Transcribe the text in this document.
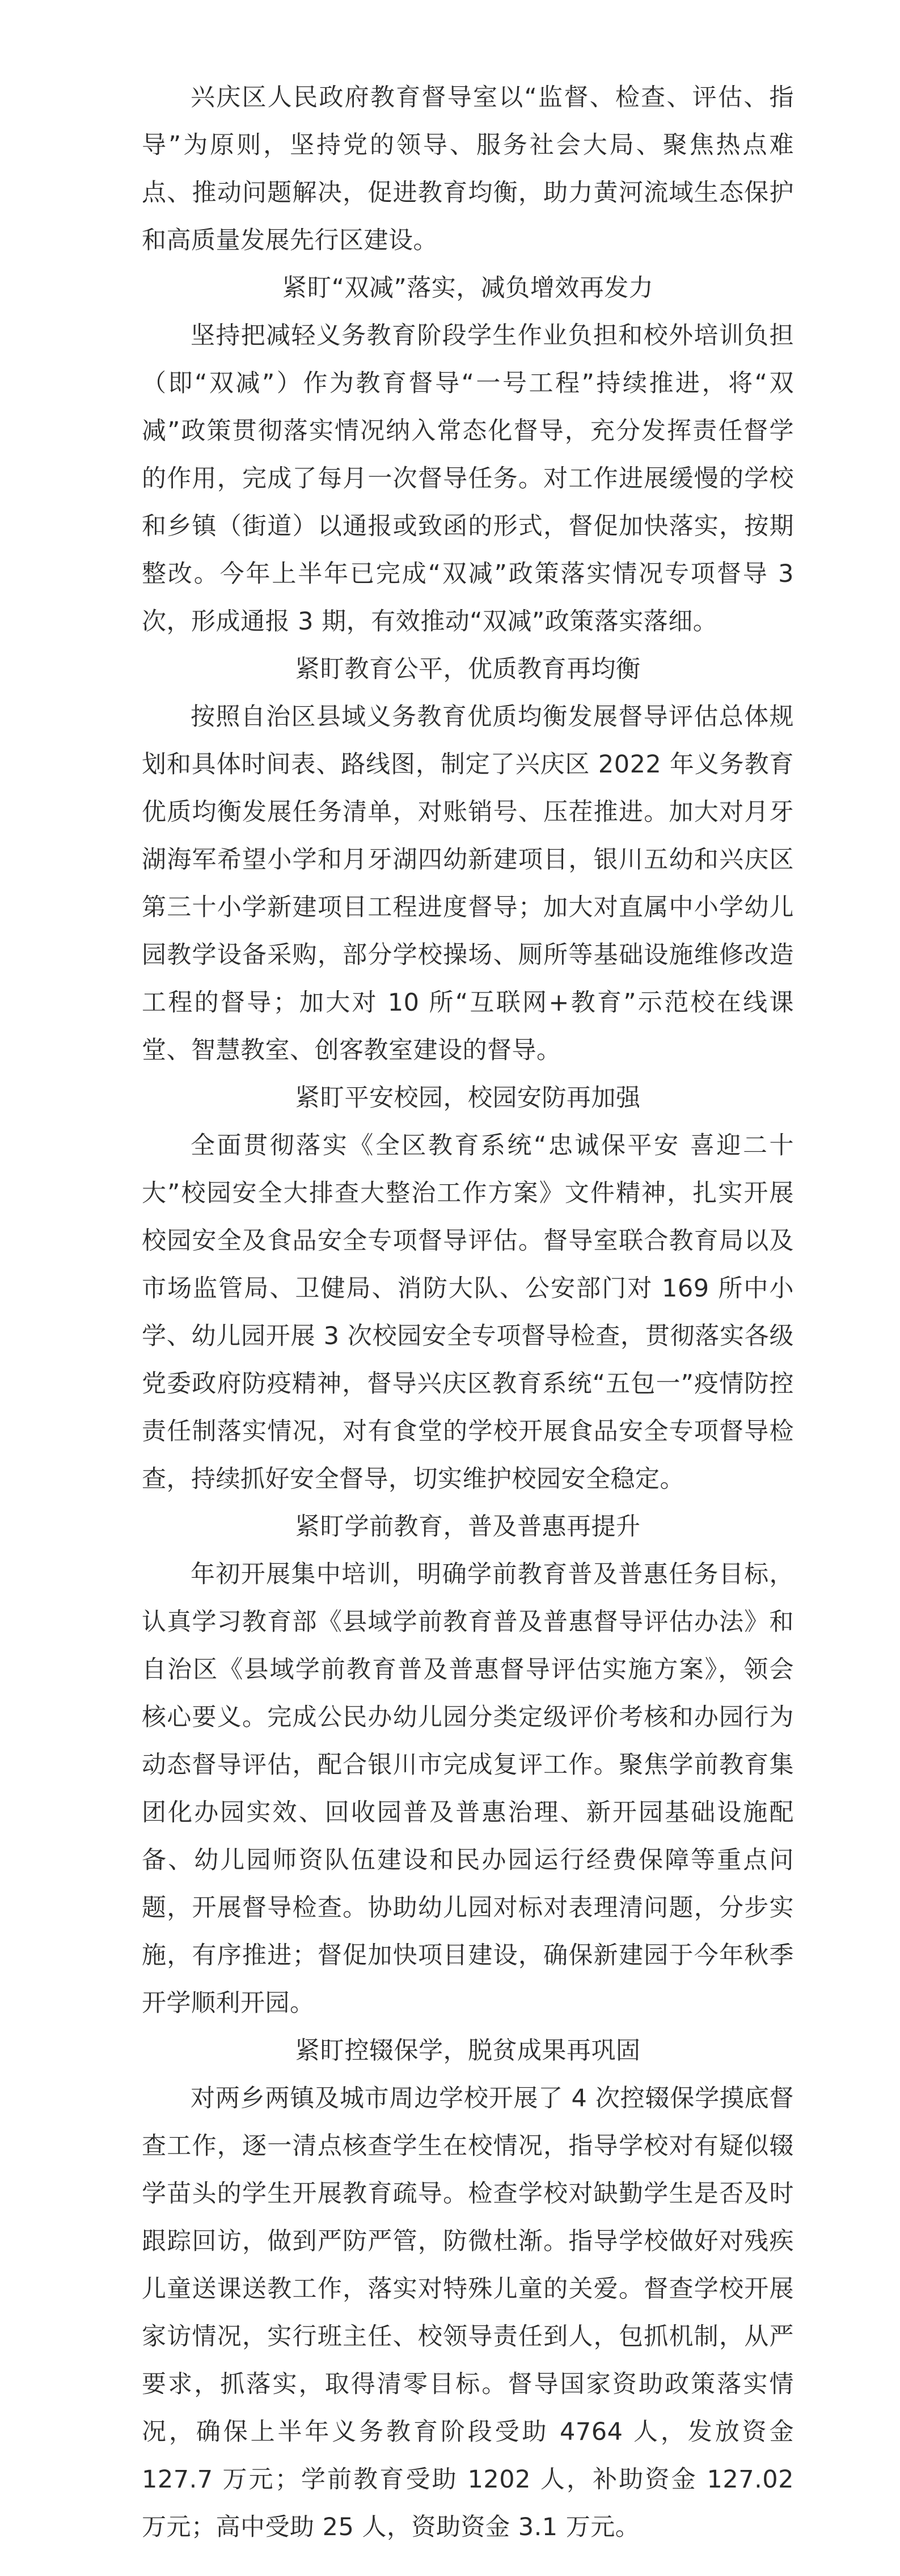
兴庆区人民政府教育督导室以“监督、检查、评估、指导”为原则，坚持党的领导、服务社会大局、聚焦热点难点、推动问题解决，促进教育均衡，助力黄河流域生态保护和高质量发展先行区建设。

紧盯“双减”落实，减负增效再发力

坚持把减轻义务教育阶段学生作业负担和校外培训负担（即“双减”）作为教育督导“一号工程”持续推进，将“双减”政策贯彻落实情况纳入常态化督导，充分发挥责任督学的作用，完成了每月一次督导任务。对工作进展缓慢的学校和乡镇（街道）以通报或致函的形式，督促加快落实，按期整改。今年上半年已完成“双减”政策落实情况专项督导 3 次，形成通报 3 期，有效推动“双减”政策落实落细。

紧盯教育公平，优质教育再均衡

按照自治区县域义务教育优质均衡发展督导评估总体规划和具体时间表、路线图，制定了兴庆区 2022 年义务教育优质均衡发展任务清单，对账销号、压茬推进。加大对月牙湖海军希望小学和月牙湖四幼新建项目，银川五幼和兴庆区第三十小学新建项目工程进度督导；加大对直属中小学幼儿园教学设备采购，部分学校操场、厕所等基础设施维修改造工程的督导；加大对 10 所“互联网+教育”示范校在线课堂、智慧教室、创客教室建设的督导。

紧盯平安校园，校园安防再加强

全面贯彻落实《全区教育系统“忠诚保平安 喜迎二十大”校园安全大排查大整治工作方案》文件精神，扎实开展校园安全及食品安全专项督导评估。督导室联合教育局以及市场监管局、卫健局、消防大队、公安部门对 169 所中小学、幼儿园开展 3 次校园安全专项督导检查，贯彻落实各级党委政府防疫精神，督导兴庆区教育系统“五包一”疫情防控责任制落实情况，对有食堂的学校开展食品安全专项督导检查，持续抓好安全督导，切实维护校园安全稳定。

紧盯学前教育，普及普惠再提升

年初开展集中培训，明确学前教育普及普惠任务目标，认真学习教育部《县域学前教育普及普惠督导评估办法》和自治区《县域学前教育普及普惠督导评估实施方案》，领会核心要义。完成公民办幼儿园分类定级评价考核和办园行为动态督导评估，配合银川市完成复评工作。聚焦学前教育集团化办园实效、回收园普及普惠治理、新开园基础设施配备、幼儿园师资队伍建设和民办园运行经费保障等重点问题，开展督导检查。协助幼儿园对标对表理清问题，分步实施，有序推进；督促加快项目建设，确保新建园于今年秋季开学顺利开园。

紧盯控辍保学，脱贫成果再巩固

对两乡两镇及城市周边学校开展了 4 次控辍保学摸底督查工作，逐一清点核查学生在校情况，指导学校对有疑似辍学苗头的学生开展教育疏导。检查学校对缺勤学生是否及时跟踪回访，做到严防严管，防微杜渐。指导学校做好对残疾儿童送课送教工作，落实对特殊儿童的关爱。督查学校开展家访情况，实行班主任、校领导责任到人，包抓机制，从严要求，抓落实，取得清零目标。督导国家资助政策落实情况，确保上半年义务教育阶段受助 4764 人，发放资金 127.7 万元；学前教育受助 1202 人，补助资金 127.02 万元；高中受助 25 人，资助资金 3.1 万元。
